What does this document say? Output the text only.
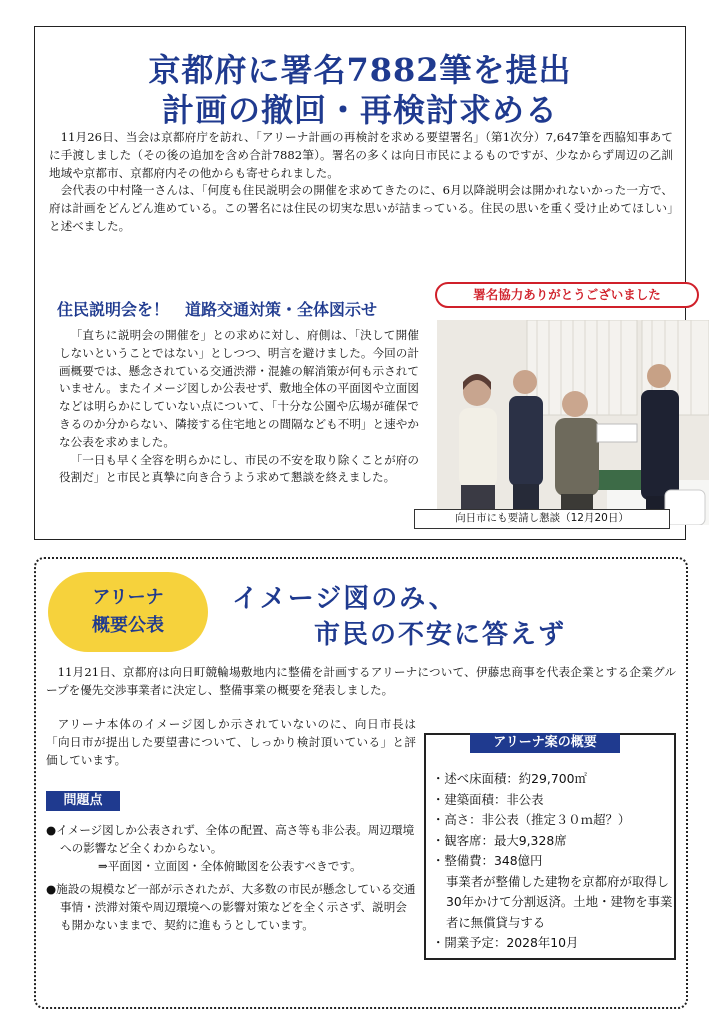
京都府に署名7882筆を提出
計画の撤回・再検討求める

11月26日、当会は京都府庁を訪れ、「アリーナ計画の再検討を求める要望署名」（第1次分）7,647筆を西脇知事あてに手渡しました（その後の追加を含め合計7882筆）。署名の多くは向日市民によるものですが、少なからず周辺の乙訓地域や京都市、京都府内その他からも寄せられました。

会代表の中村隆一さんは、「何度も住民説明会の開催を求めてきたのに、6月以降説明会は開かれないかった一方で、府は計画をどんどん進めている。この署名には住民の切実な思いが詰まっている。住民の思いを重く受け止めてほしい」と述べました。

住民説明会を！　道路交通対策・全体図示せ
署名協力ありがとうございました

「直ちに説明会の開催を」との求めに対し、府側は、「決して開催しないということではない」としつつ、明言を避けました。今回の計画概要では、懸念されている交通渋滞・混雑の解消策が何も示されていません。またイメージ図しか公表せず、敷地全体の平面図や立面図などは明らかにしていない点について、「十分な公園や広場が確保できるのか分からない、隣接する住宅地との間隔なども不明」と速やかな公表を求めました。

「一日も早く全容を明らかにし、市民の不安を取り除くことが府の役割だ」と市民と真摯に向き合うよう求めて懇談を終えました。

向日市にも要請し懇談（12月20日）
アリーナ
概要公表
イメージ図のみ、
市民の不安に答えず

11月21日、京都府は向日町競輪場敷地内に整備を計画するアリーナについて、伊藤忠商事を代表企業とする企業グループを優先交渉事業者に決定し、整備事業の概要を発表しました。

アリーナ本体のイメージ図しか示されていないのに、向日市長は「向日市が提出した要望書について、しっかり検討頂いている」と評価しています。

問題点

●イメージ図しか公表されず、全体の配置、高さ等も非公表。周辺環境への影響など全くわからない。
⇒平面図・立面図・全体俯瞰図を公表すべきです。

●施設の規模など一部が示されたが、大多数の市民が懸念している交通事情・渋滞対策や周辺環境への影響対策などを全く示さず、説明会も開かないままで、契約に進もうとしています。

アリーナ案の概要
・述べ床面積：約29,700㎡
・建築面積：非公表
・高さ：非公表（推定３０ｍ超？）
・観客席：最大9,328席
・整備費：348億円
事業者が整備した建物を京都府が取得し30年かけて分割返済。土地・建物を事業者に無償貸与する
・開業予定：2028年10月
